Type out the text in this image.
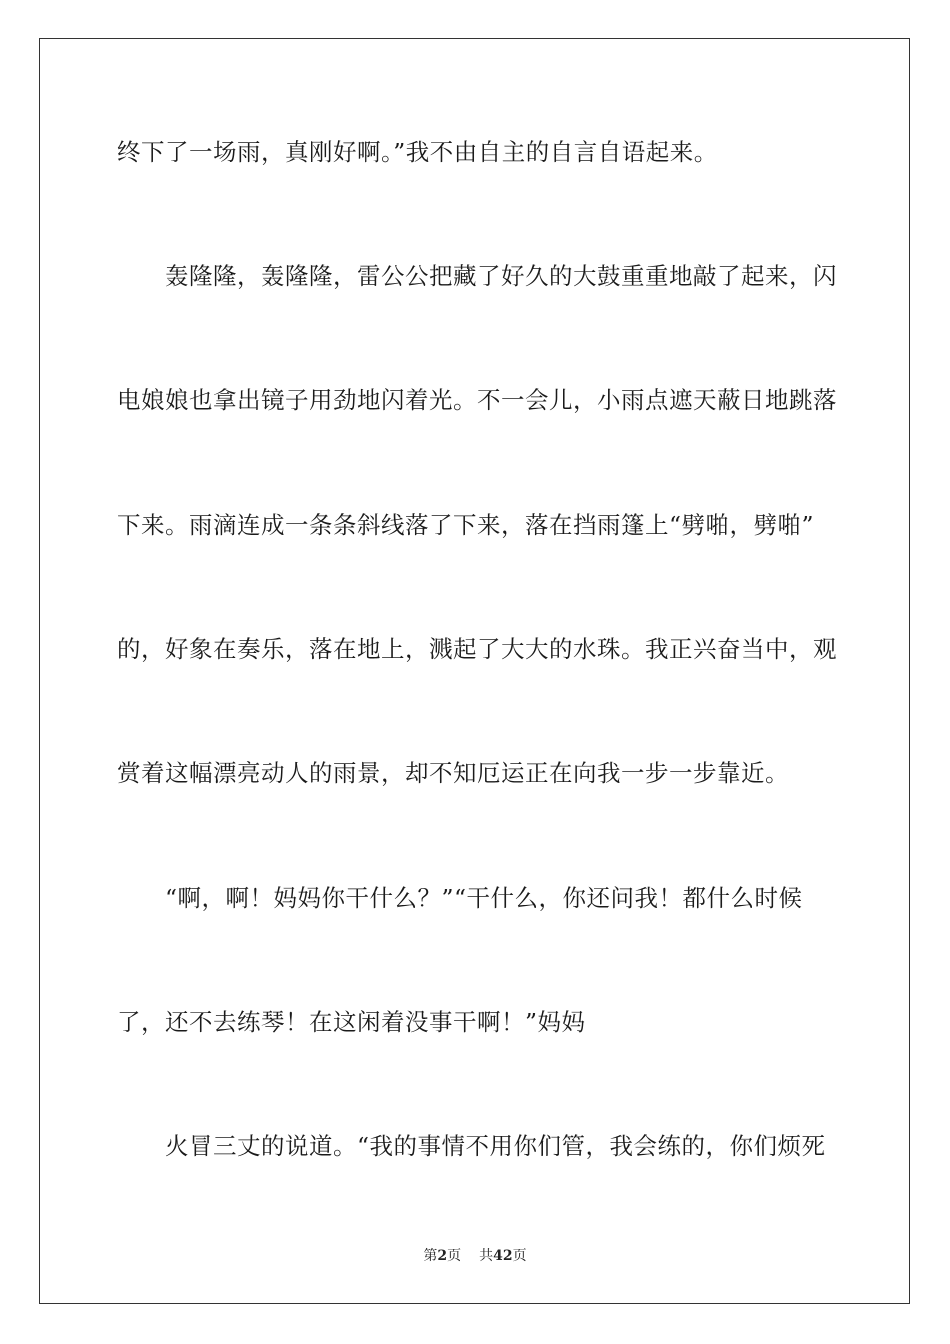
终下了一场雨，真刚好啊。”我不由自主的自言自语起来。
轰隆隆，轰隆隆，雷公公把藏了好久的大鼓重重地敲了起来，闪
电娘娘也拿出镜子用劲地闪着光。不一会儿，小雨点遮天蔽日地跳落
下来。雨滴连成一条条斜线落了下来，落在挡雨篷上“劈啪，劈啪”
的，好象在奏乐，落在地上，溅起了大大的水珠。我正兴奋当中，观
赏着这幅漂亮动人的雨景，却不知厄运正在向我一步一步靠近。
“啊，啊！妈妈你干什么？”“干什么，你还问我！都什么时候
了，还不去练琴！在这闲着没事干啊！”妈妈
火冒三丈的说道。“我的事情不用你们管，我会练的，你们烦死
第2页 共42页
